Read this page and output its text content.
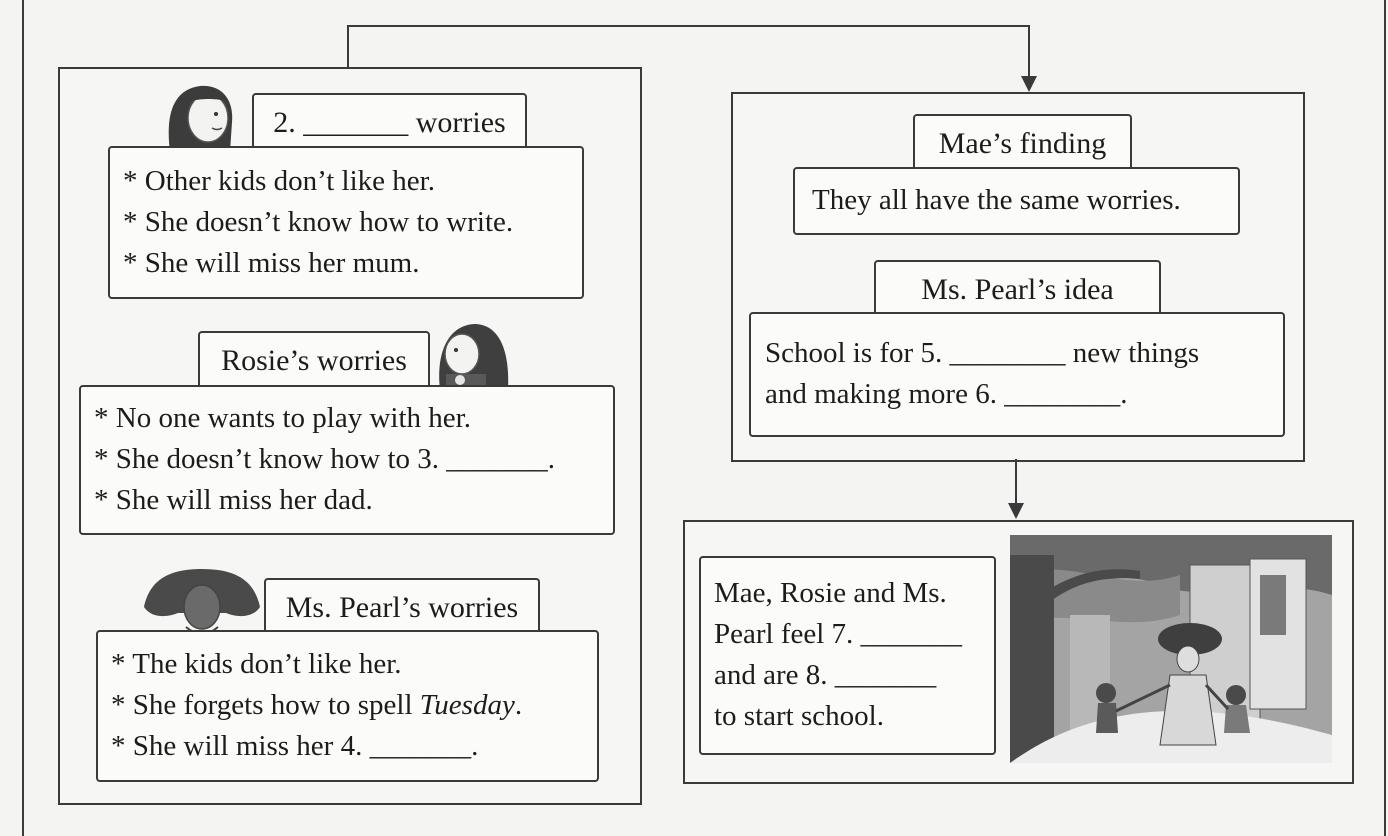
2. _______ worries
* Other kids don’t like her.
* She doesn’t know how to write.
* She will miss her mum.
Rosie’s worries
* No one wants to play with her.
* She doesn’t know how to 3. _______.
* She will miss her dad.
Ms. Pearl’s worries
* The kids don’t like her.
* She forgets how to spell Tuesday.
* She will miss her 4. _______.
Mae’s finding
They all have the same worries.
Ms. Pearl’s idea
School is for 5. ________ new things
and making more 6. ________.
Mae, Rosie and Ms.
Pearl feel 7. _______
and are 8. _______
to start school.
